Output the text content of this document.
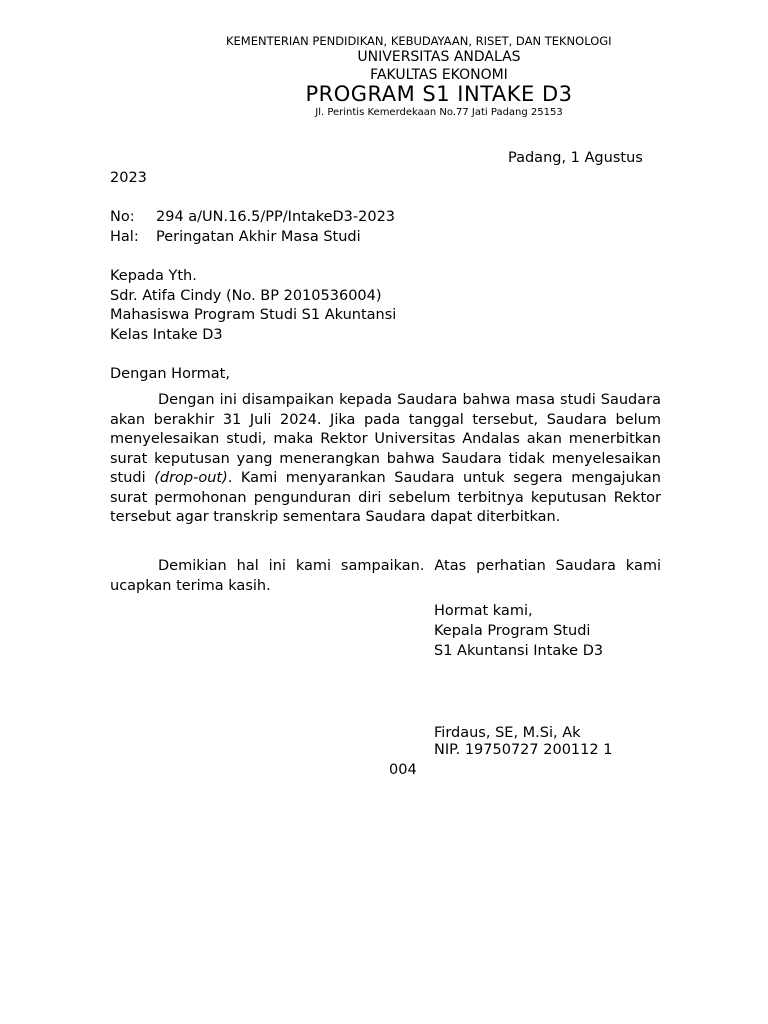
KEMENTERIAN PENDIDIKAN, KEBUDAYAAN, RISET, DAN TEKNOLOGI
UNIVERSITAS ANDALAS
FAKULTAS EKONOMI
PROGRAM S1 INTAKE D3
Jl. Perintis Kemerdekaan No.77 Jati Padang 25153
Padang, 1 Agustus
2023
No: 294 a/UN.16.5/PP/IntakeD3-2023
Hal: Peringatan Akhir Masa Studi
Kepada Yth.
Sdr. Atifa Cindy (No. BP 2010536004)
Mahasiswa Program Studi S1 Akuntansi
Kelas Intake D3
Dengan Hormat,
Dengan ini disampaikan kepada Saudara bahwa masa studi Saudara akan berakhir 31 Juli 2024. Jika pada tanggal tersebut, Saudara belum menyelesaikan studi, maka Rektor Universitas Andalas akan menerbitkan surat keputusan yang menerangkan bahwa Saudara tidak menyelesaikan studi (drop-out). Kami menyarankan Saudara untuk segera mengajukan surat permohonan pengunduran diri sebelum terbitnya keputusan Rektor tersebut agar transkrip sementara Saudara dapat diterbitkan.
Demikian hal ini kami sampaikan. Atas perhatian Saudara kami ucapkan terima kasih.
Hormat kami,
Kepala Program Studi
S1 Akuntansi Intake D3
Firdaus, SE, M.Si, Ak
NIP. 19750727 200112 1
004
